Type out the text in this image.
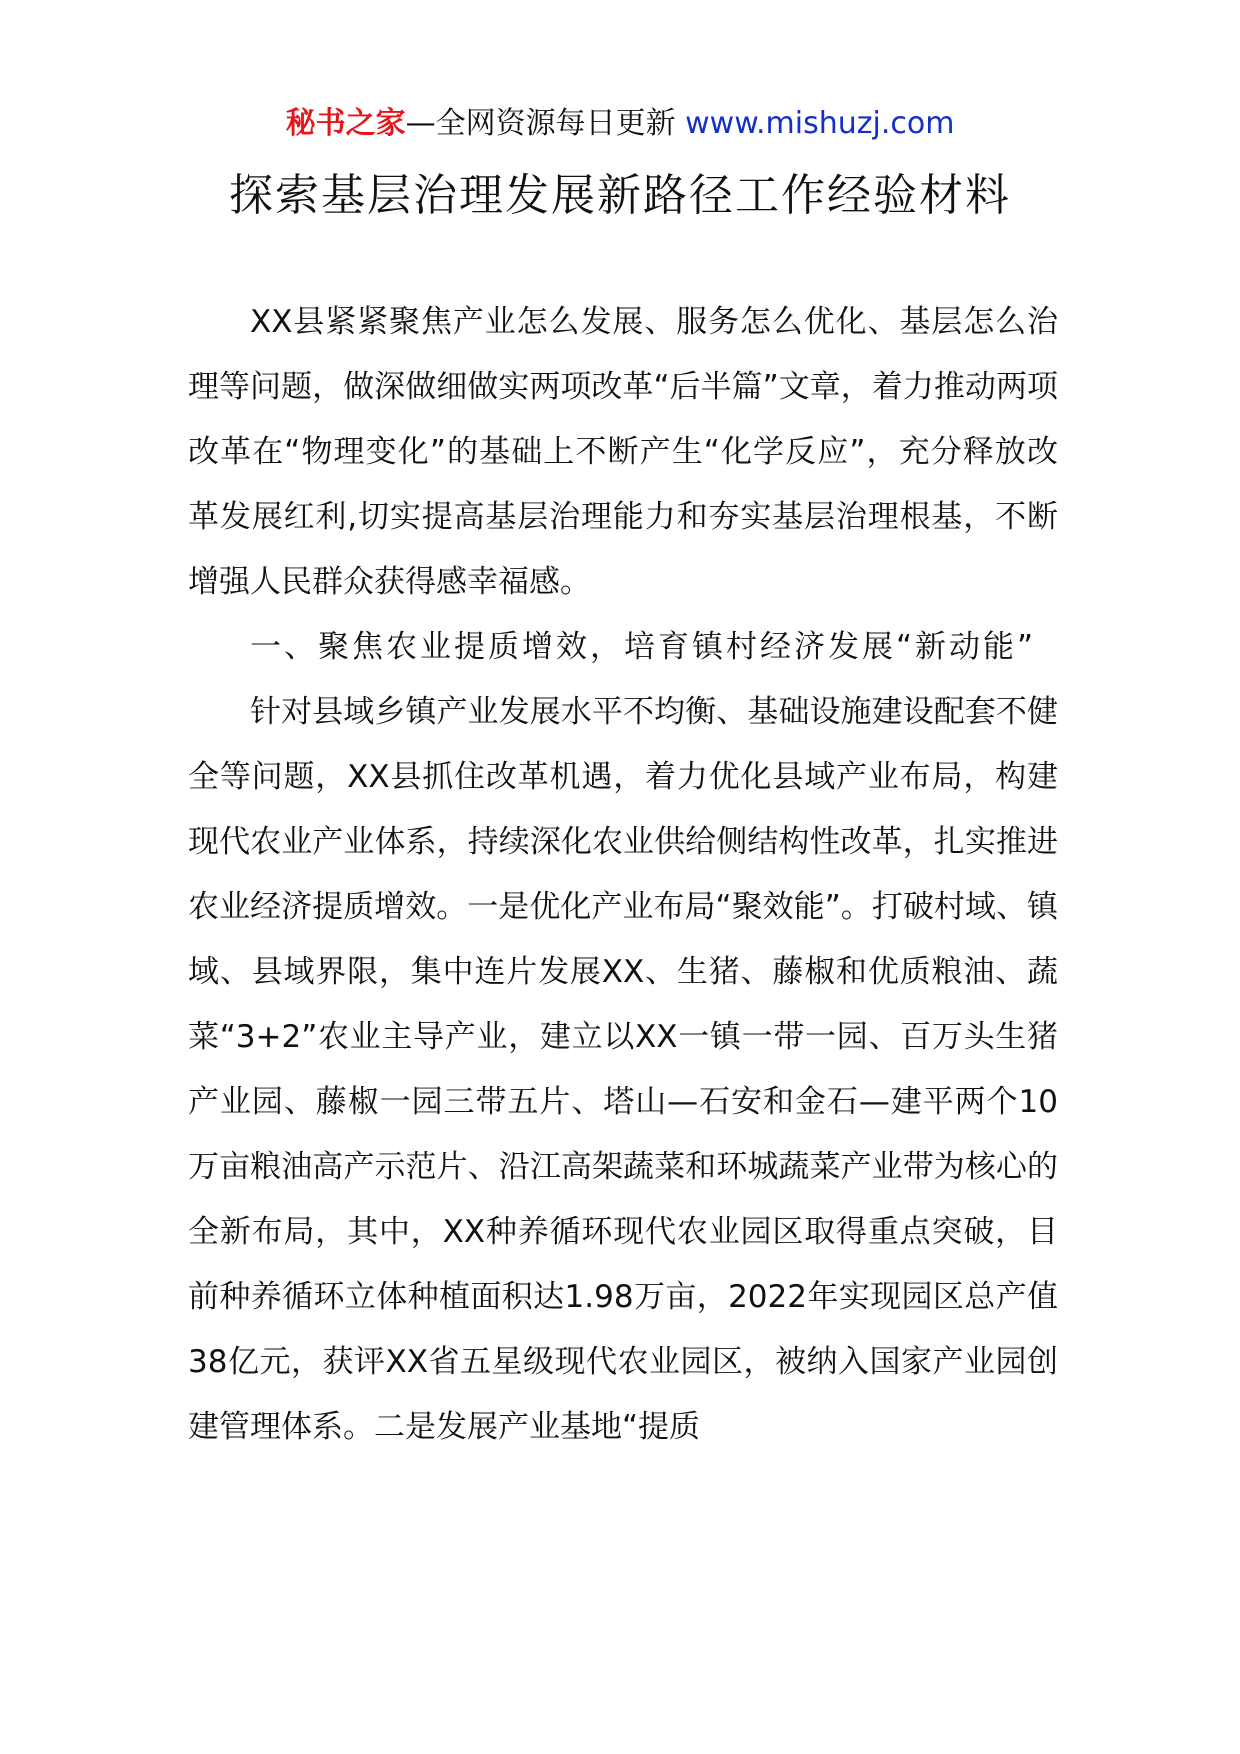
秘书之家—全网资源每日更新 www.mishuzj.com
探索基层治理发展新路径工作经验材料

XX县紧紧聚焦产业怎么发展、服务怎么优化、基层怎么治理等问题，做深做细做实两项改革“后半篇”文章，着力推动两项改革在“物理变化”的基础上不断产生“化学反应”，充分释放改革发展红利,切实提高基层治理能力和夯实基层治理根基，不断增强人民群众获得感幸福感。

一、聚焦农业提质增效，培育镇村经济发展“新动能”

针对县域乡镇产业发展水平不均衡、基础设施建设配套不健全等问题，XX县抓住改革机遇，着力优化县域产业布局，构建现代农业产业体系，持续深化农业供给侧结构性改革，扎实推进农业经济提质增效。一是优化产业布局“聚效能”。打破村域、镇域、县域界限，集中连片发展XX、生猪、藤椒和优质粮油、蔬菜“3+2”农业主导产业，建立以XX一镇一带一园、百万头生猪产业园、藤椒一园三带五片、塔山—石安和金石—建平两个10万亩粮油高产示范片、沿江高架蔬菜和环城蔬菜产业带为核心的全新布局，其中，XX种养循环现代农业园区取得重点突破，目前种养循环立体种植面积达1.98万亩，2022年实现园区总产值38亿元，获评XX省五星级现代农业园区，被纳入国家产业园创建管理体系。二是发展产业基地“提质
